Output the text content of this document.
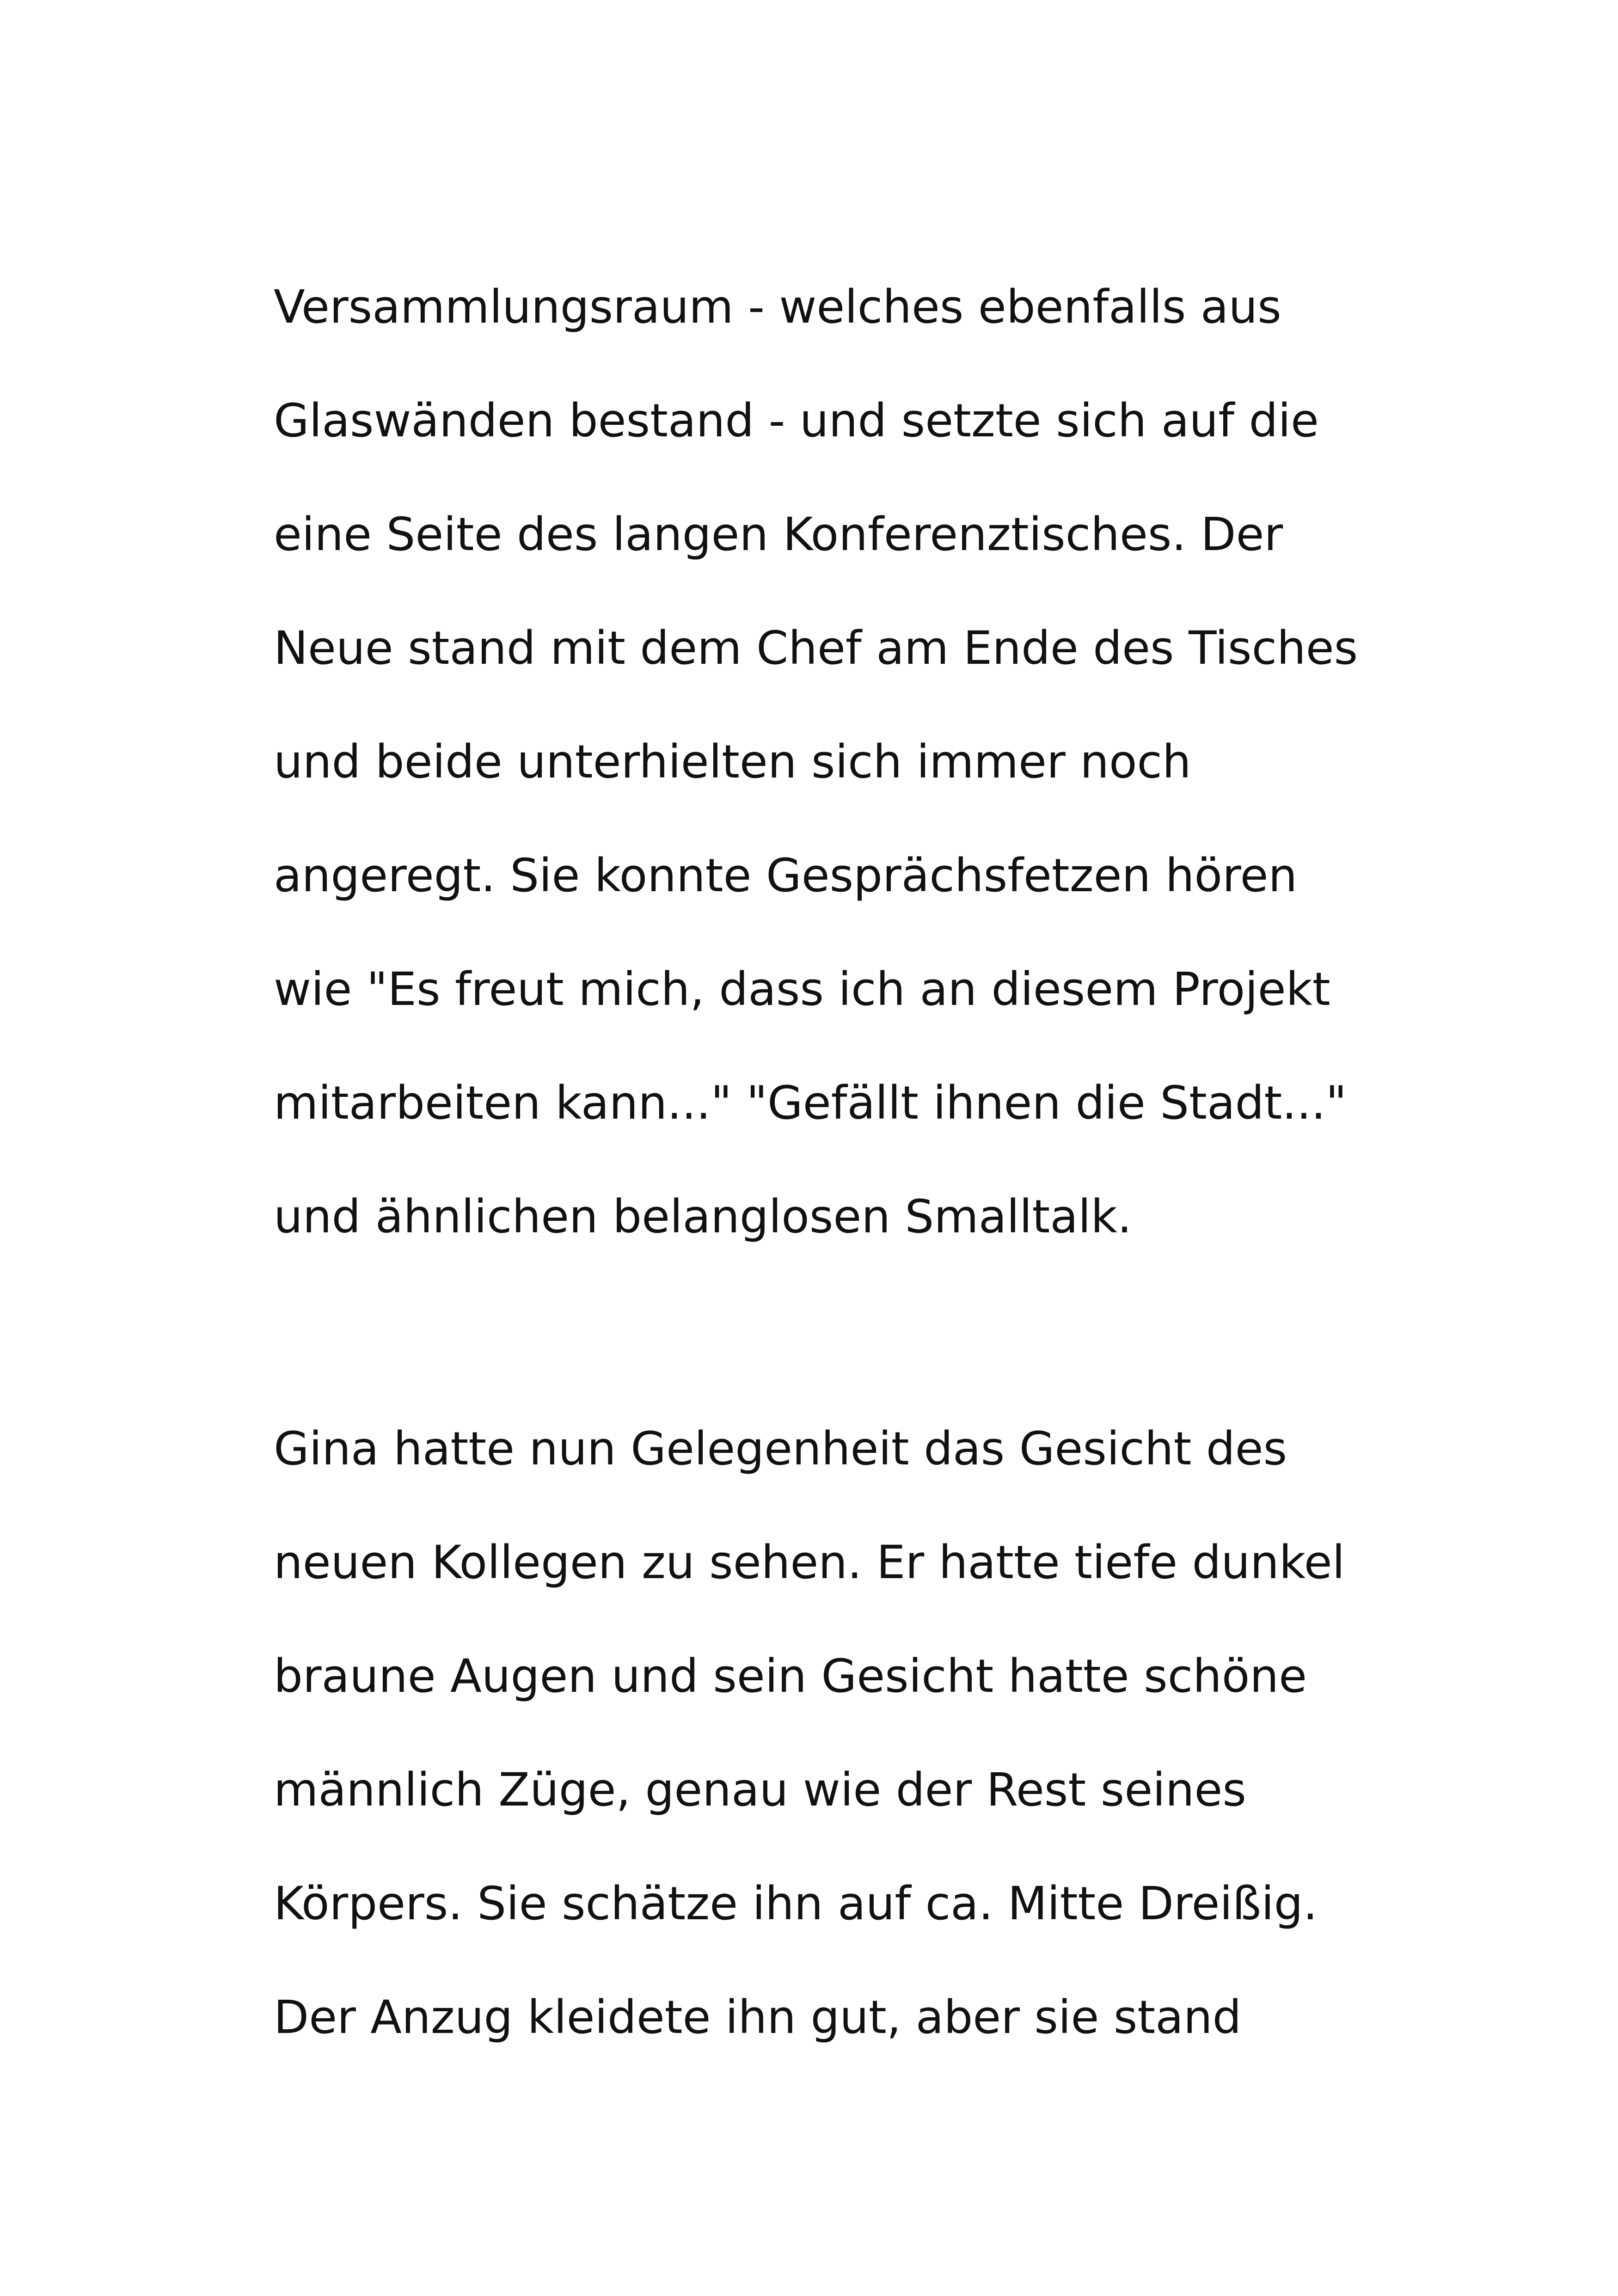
Versammlungsraum - welches ebenfalls aus
Glaswänden bestand - und setzte sich auf die
eine Seite des langen Konferenztisches. Der
Neue stand mit dem Chef am Ende des Tisches
und beide unterhielten sich immer noch
angeregt. Sie konnte Gesprächsfetzen hören
wie "Es freut mich, dass ich an diesem Projekt
mitarbeiten kann..." "Gefällt ihnen die Stadt..."
und ähnlichen belanglosen Smalltalk.
Gina hatte nun Gelegenheit das Gesicht des
neuen Kollegen zu sehen. Er hatte tiefe dunkel
braune Augen und sein Gesicht hatte schöne
männlich Züge, genau wie der Rest seines
Körpers. Sie schätze ihn auf ca. Mitte Dreißig.
Der Anzug kleidete ihn gut, aber sie stand
